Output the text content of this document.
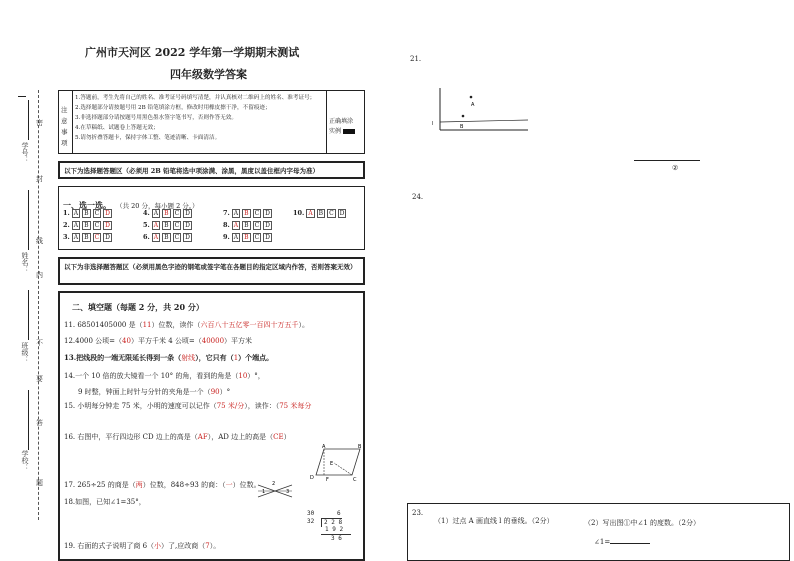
学号：
姓名：
班级：
学校：
密
封
线
内
不
要
答
题
广州市天河区 2022 学年第一学期期末测试
四年级数学答案
注意事项
1.答题前，考生先将自己的姓名、准考证号码填写清楚，并认真核对二维码上的姓名、准考证号；
2.选择题部分请按题号用 2B 铅笔填涂方框，修改时用橡皮擦干净，不留痕迹；
3.非选择题部分请按题号用黑色墨水签字笔书写，否则作答无效。
4.在草稿纸、试题卷上答题无效；
5.请勿折叠答题卡，保持字体工整、笔迹清晰、卡面清洁。
正确填涂实例
以下为选择题答题区（必须用 2B 铅笔将选中项涂满、涂黑，黑度以盖住框内字母为准）
一、选一选。 （共 20 分，每小题 2 分。）
1. A B C D
2. A B C D
3. A B C D
4. A B C D
5. A B C D
6. A B C D
7. A B C D
8. A B C D
9. A B C D
10. A B C D
以下为非选择题答题区（必须用黑色字迹的钢笔或签字笔在各题目的指定区域内作答，否则答案无效）
二、填空题（每题 2 分，共 20 分）
11. 68501405000 是（11）位数，读作（六百八十五亿零一百四十万五千）。
12.4000 公顷=（40）平方千米 4 公顷=（40000）平方米
13.把线段的一端无限延长得到一条（射线），它只有（1）个端点。
14.一个 10 倍的放大镜看一个 10° 的角，看到的角是（10）°，
9 时整，钟面上时针与分针的夹角是一个（90）°
15. 小明每分钟走 75 米，小明的速度可以记作（75 米/分），读作：（75 米每分
16. 右图中，平行四边形 CD 边上的高是（AF），AD 边上的高是（CE）
A	B
C
D
E
F
17. 265÷25 的商是（两）位数，848÷93 的商：（一）位数。 2
1	3
18.如图，已知∠1=35°，
30	6
32	2 2 8
1 9 2
3 6
19. 右面的式子说明了商 6（小）了,应改商（7）。
21.
A
B
l
②
24.
23.
（1）过点 A 画直线 l 的垂线。（2分）	（2）写出图①中∠1 的度数。（2分）
∠1=
